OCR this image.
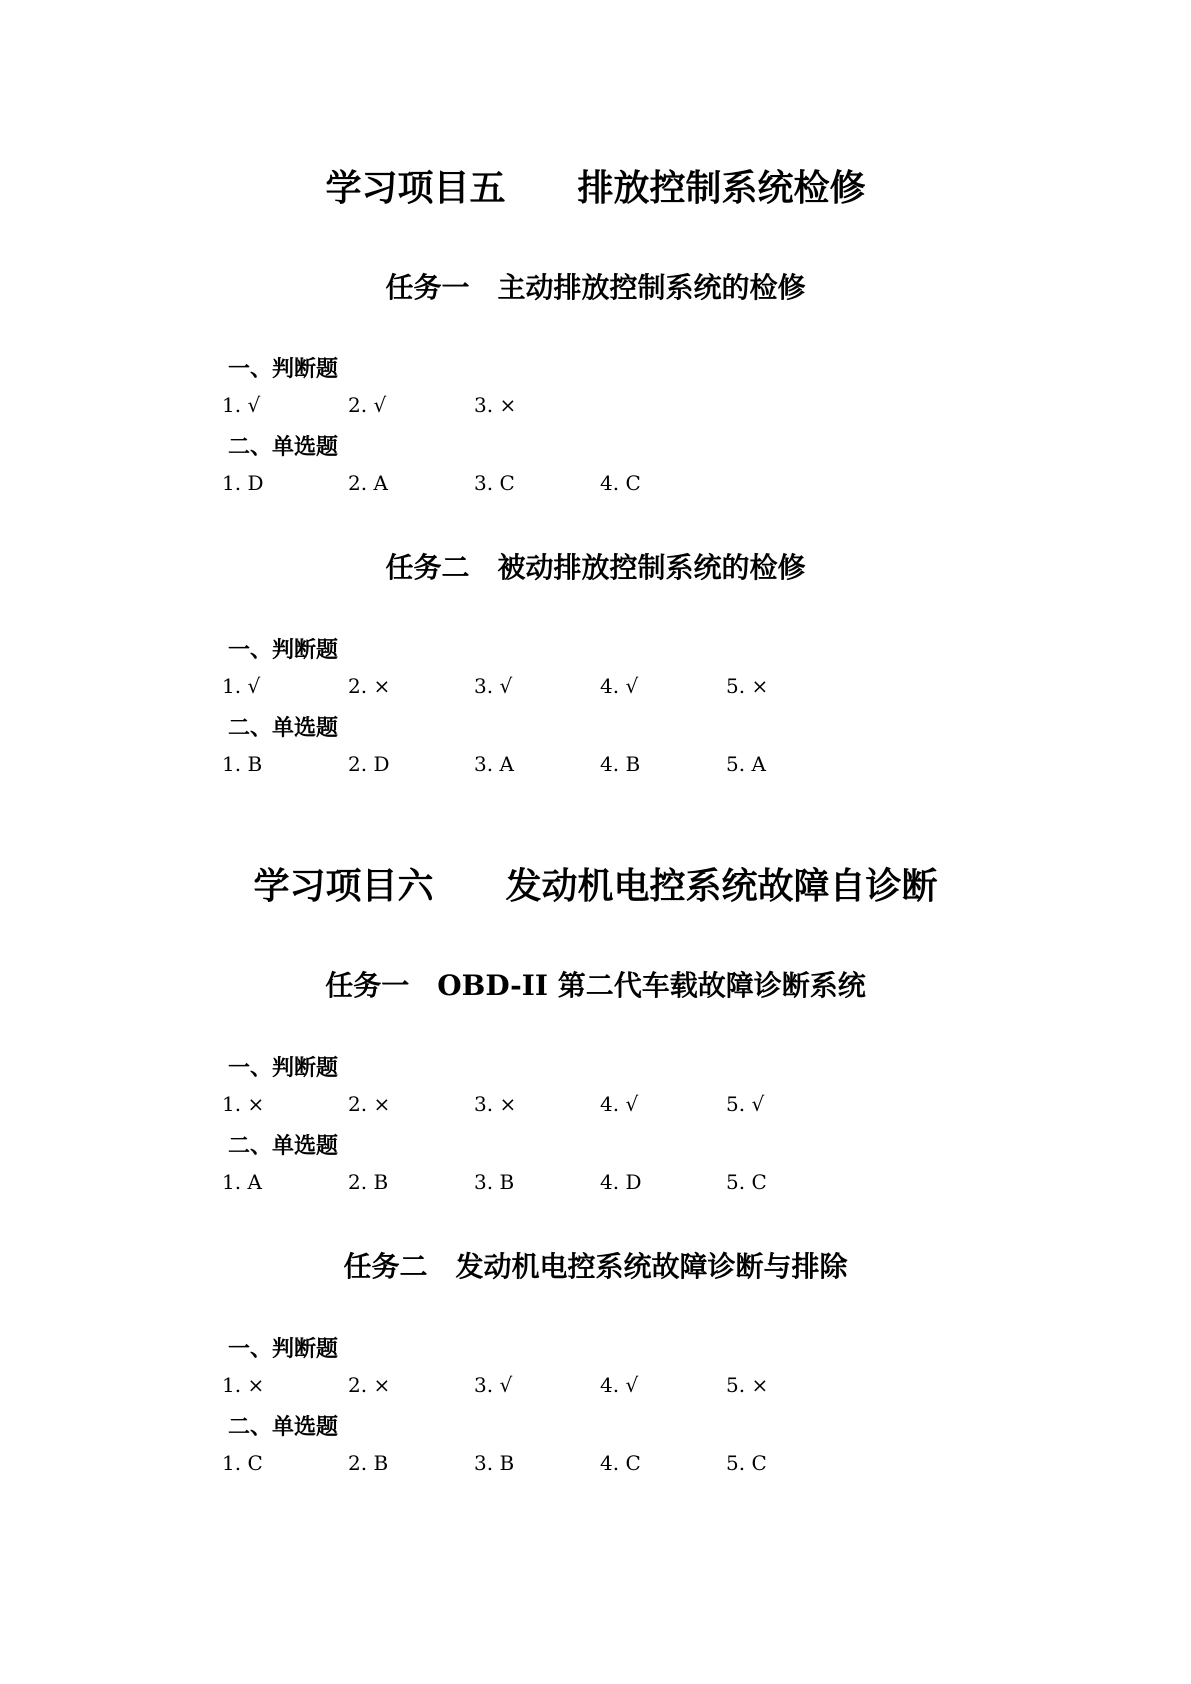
学习项目五　　排放控制系统检修
任务一　主动排放控制系统的检修
一、判断题
1. √	2. √	3. ×
二、单选题
1. D	2. A	3. C	4. C
任务二　被动排放控制系统的检修
一、判断题
1. √	2. ×	3. √	4. √	5. ×
二、单选题
1. B	2. D	3. A	4. B	5. A
学习项目六　　发动机电控系统故障自诊断
任务一　OBD-II 第二代车载故障诊断系统
一、判断题
1. ×	2. ×	3. ×	4. √	5. √
二、单选题
1. A	2. B	3. B	4. D	5. C
任务二　发动机电控系统故障诊断与排除
一、判断题
1. ×	2. ×	3. √	4. √	5. ×
二、单选题
1. C	2. B	3. B	4. C	5. C
